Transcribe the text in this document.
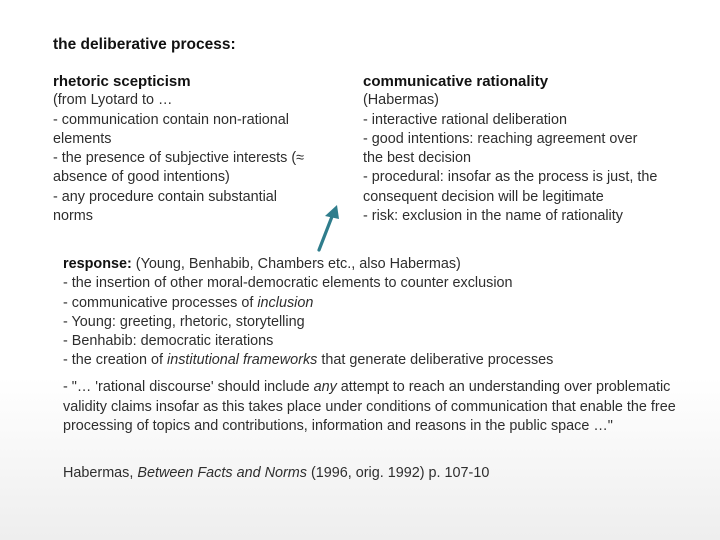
the deliberative process:
rhetoric scepticism
(from Lyotard to …
- communication contain non-rational
elements
- the presence of subjective interests (≈
absence of good intentions)
- any procedure contain substantial
norms
communicative rationality
(Habermas)
- interactive rational deliberation
- good intentions: reaching agreement over
the best decision
- procedural: insofar as the process is just, the
consequent decision will be legitimate
- risk: exclusion in the name of rationality
response: (Young, Benhabib, Chambers etc., also Habermas)
- the insertion of other moral-democratic elements to counter exclusion
- communicative processes of inclusion
- Young: greeting, rhetoric, storytelling
- Benhabib: democratic iterations
- the creation of institutional frameworks that generate deliberative processes
- "… 'rational discourse' should include any attempt to reach an understanding over problematic validity claims insofar as this takes place under conditions of communication that enable the free processing of topics and contributions, information and reasons in the public space …"
Habermas, Between Facts and Norms (1996, orig. 1992) p. 107-10
